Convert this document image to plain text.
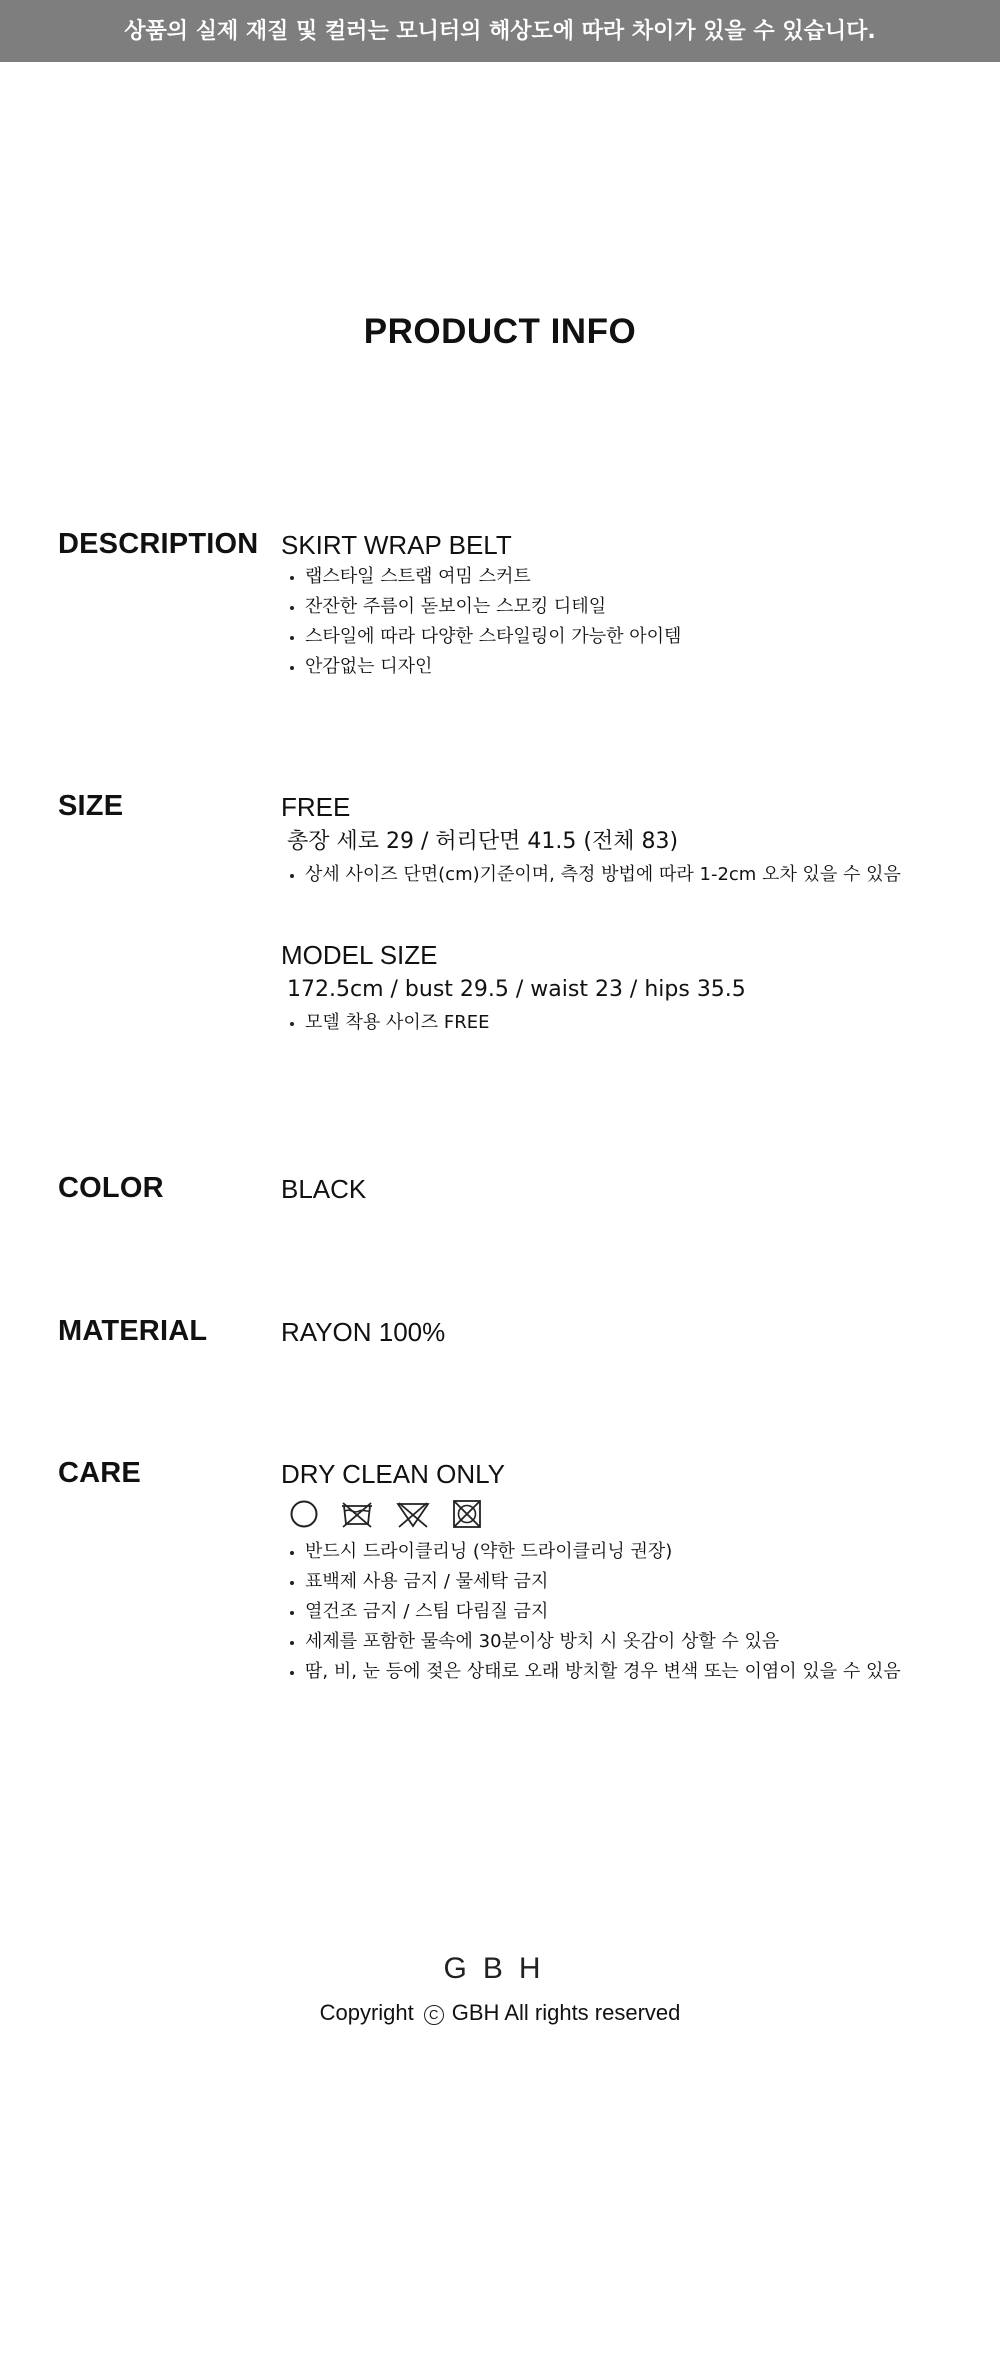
상품의 실제 재질 및 컬러는 모니터의 해상도에 따라 차이가 있을 수 있습니다.
PRODUCT INFO
DESCRIPTION SKIRT WRAP BELT
랩스타일 스트랩 여밈 스커트
잔잔한 주름이 돋보이는 스모킹 디테일
스타일에 따라 다양한 스타일링이 가능한 아이템
안감없는 디자인
SIZE	FREE
총장 세로 29 / 허리단면 41.5 (전체 83)
상세 사이즈 단면(cm)기준이며, 측정 방법에 따라 1-2cm 오차 있을 수 있음
MODEL SIZE
172.5cm / bust 29.5 / waist 23 / hips 35.5
모델 착용 사이즈 FREE
COLOR	BLACK
MATERIAL	RAYON 100%
CARE	DRY CLEAN ONLY
반드시 드라이클리닝 (약한 드라이클리닝 권장)
표백제 사용 금지 / 물세탁 금지
열건조 금지 / 스팀 다림질 금지
세제를 포함한 물속에 30분이상 방치 시 옷감이 상할 수 있음
땀, 비, 눈 등에 젖은 상태로 오래 방치할 경우 변색 또는 이염이 있을 수 있음
GBH
Copyright C GBH All rights reserved
